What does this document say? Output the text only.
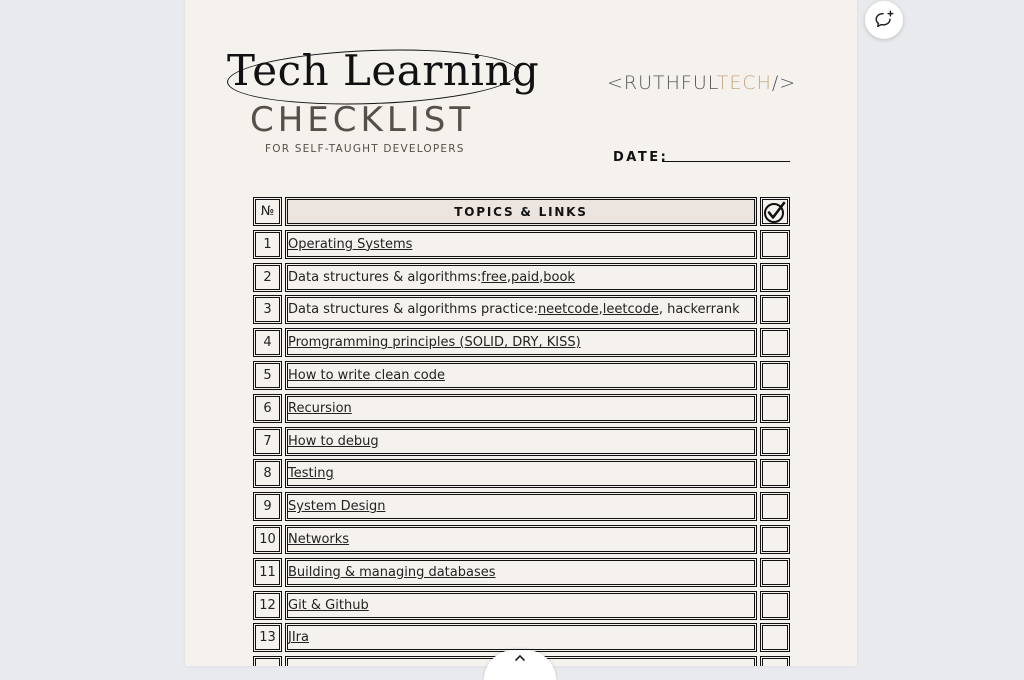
Tech Learning
CHECKLIST
FOR SELF-TAUGHT DEVELOPERS
<RUTHFULTECH/>
DATE:
№	TOPICS & LINKS
1	Operating Systems
2	Data structures & algorithms: free , paid , book
3	Data structures & algorithms practice: neetcode , leetcode , hackerrank
4	Promgramming principles (SOLID, DRY, KISS)
5	How to write clean code
6	Recursion
7	How to debug
8	Testing
9	System Design
10 Networks
11 Building & managing databases
12 Git & Github
13 JIra
